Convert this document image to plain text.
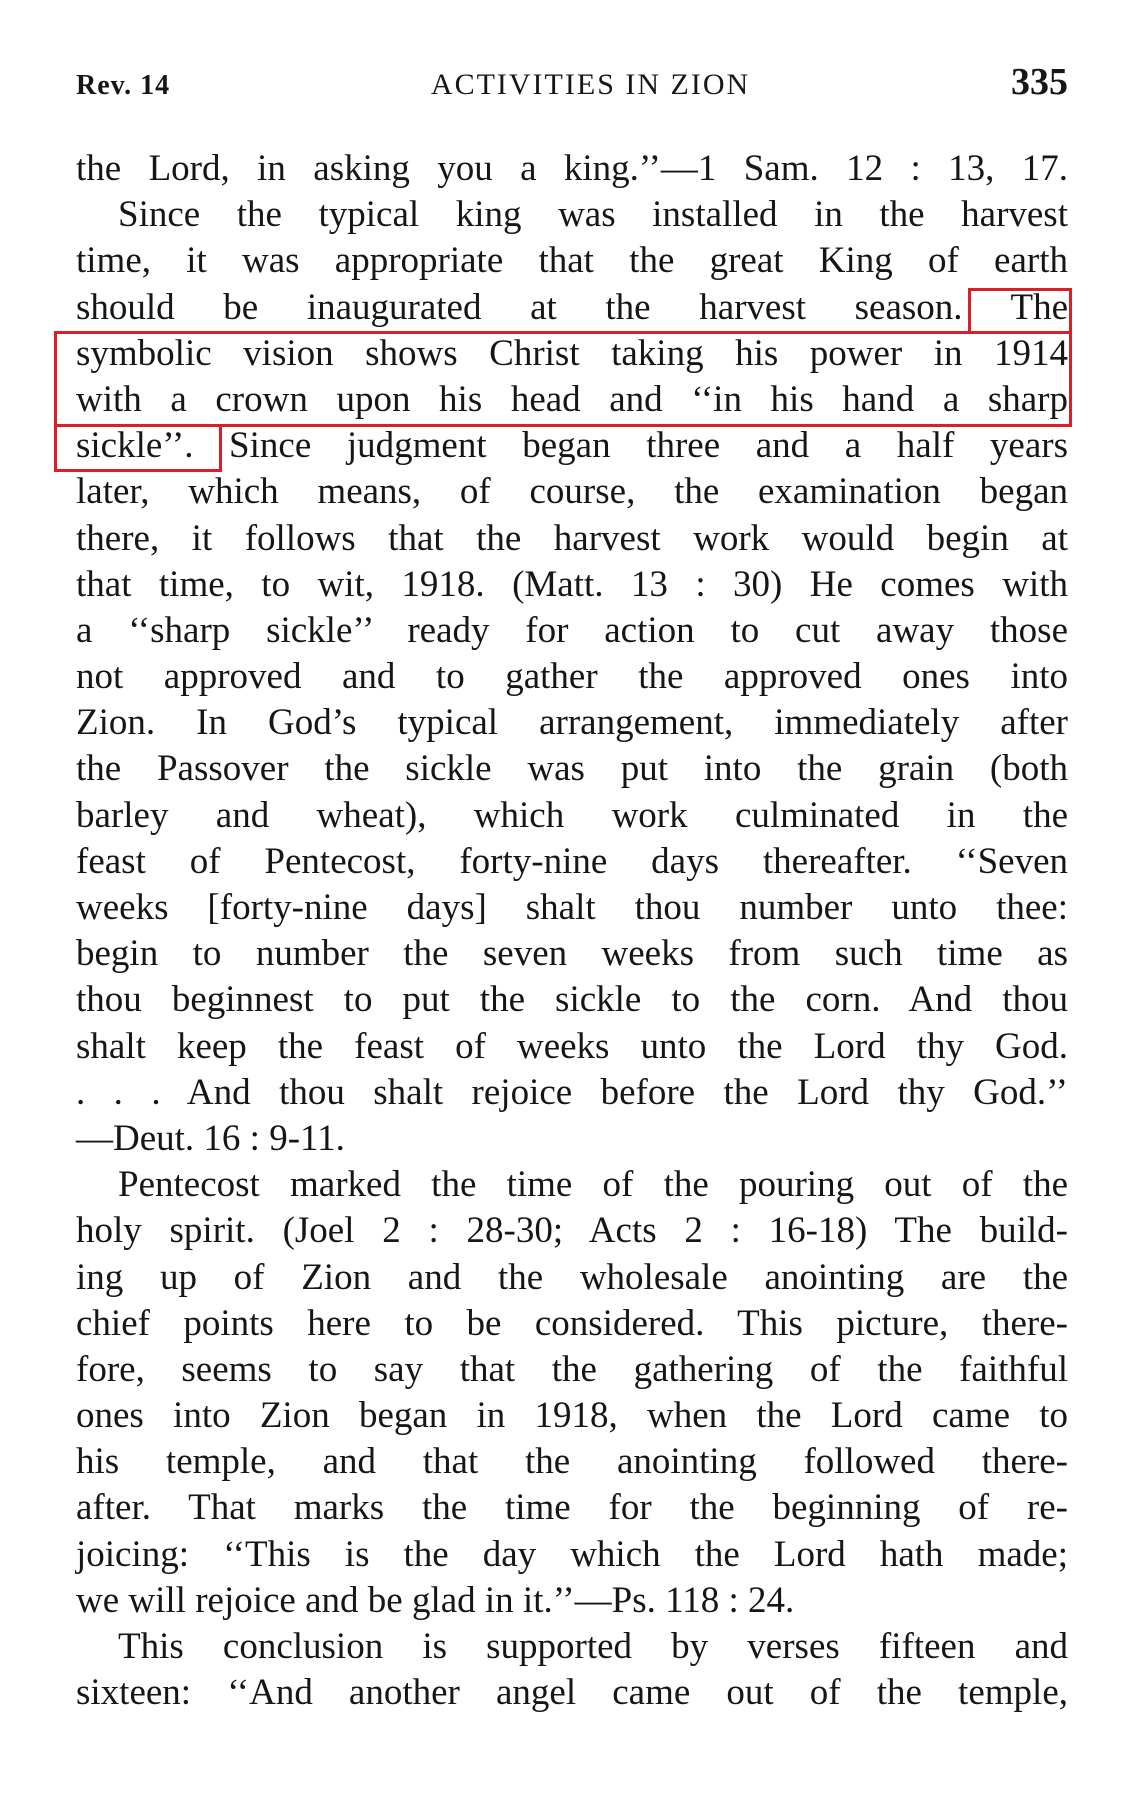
Rev. 14	ACTIVITIES IN ZION	335
the Lord, in asking you a king.’’—1 Sam. 12 : 13, 17.
Since the typical king was installed in the harvest
time, it was appropriate that the great King of earth
should be inaugurated at the harvest season. The
symbolic vision shows Christ taking his power in 1914
with a crown upon his head and ‘‘in his hand a sharp
sickle’’. Since judgment began three and a half years
later, which means, of course, the examination began
there, it follows that the harvest work would begin at
that time, to wit, 1918. (Matt. 13 : 30) He comes with
a ‘‘sharp sickle’’ ready for action to cut away those
not approved and to gather the approved ones into
Zion. In God’s typical arrangement, immediately after
the Passover the sickle was put into the grain (both
barley and wheat), which work culminated in the
feast of Pentecost, forty-nine days thereafter. ‘‘Seven
weeks [forty-nine days] shalt thou number unto thee:
begin to number the seven weeks from such time as
thou beginnest to put the sickle to the corn. And thou
shalt keep the feast of weeks unto the Lord thy God.
. . . And thou shalt rejoice before the Lord thy God.’’
—Deut. 16 : 9-11.
Pentecost marked the time of the pouring out of the
holy spirit. (Joel 2 : 28-30; Acts 2 : 16-18) The build-
ing up of Zion and the wholesale anointing are the
chief points here to be considered. This picture, there-
fore, seems to say that the gathering of the faithful
ones into Zion began in 1918, when the Lord came to
his temple, and that the anointing followed there-
after. That marks the time for the beginning of re-
joicing: ‘‘This is the day which the Lord hath made;
we will rejoice and be glad in it.’’—Ps. 118 : 24.
This conclusion is supported by verses fifteen and
sixteen: ‘‘And another angel came out of the temple,
